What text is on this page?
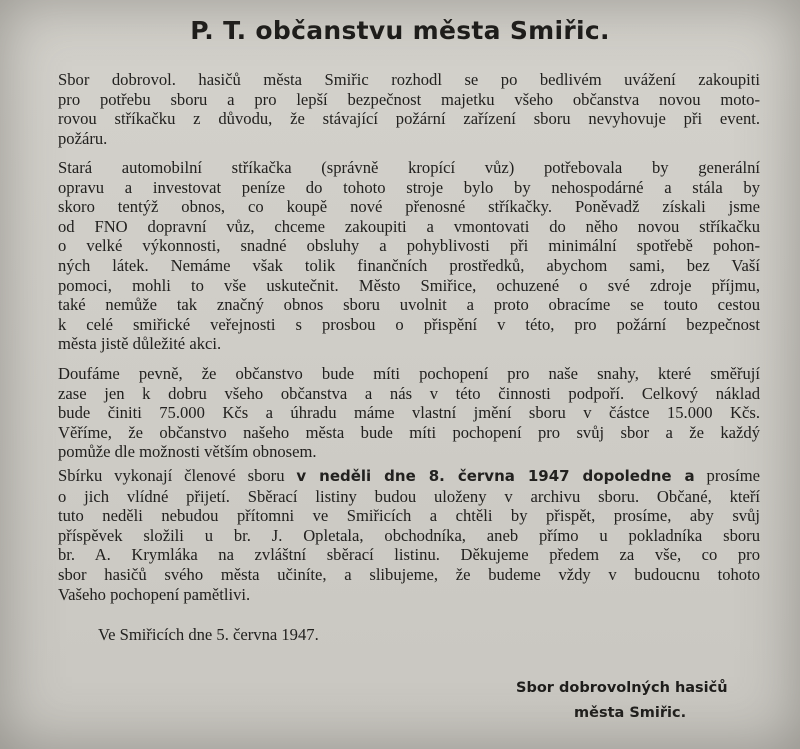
P. T. občanstvu města Smiřic.
Sbor dobrovol. hasičů města Smiřic rozhodl se po bedlivém uvážení zakoupiti
pro potřebu sboru a pro lepší bezpečnost majetku všeho občanstva novou moto-
rovou stříkačku z důvodu, že stávající požární zařízení sboru nevyhovuje při event.
požáru.
Stará automobilní stříkačka (správně kropící vůz) potřebovala by generální
opravu a investovat peníze do tohoto stroje bylo by nehospodárné a stála by
skoro tentýž obnos, co koupě nové přenosné stříkačky. Poněvadž získali jsme
od FNO dopravní vůz, chceme zakoupiti a vmontovati do něho novou stříkačku
o velké výkonnosti, snadné obsluhy a pohyblivosti při minimální spotřebě pohon-
ných látek. Nemáme však tolik finančních prostředků, abychom sami, bez Vaší
pomoci, mohli to vše uskutečnit. Město Smiřice, ochuzené o své zdroje příjmu,
také nemůže tak značný obnos sboru uvolnit a proto obracíme se touto cestou
k celé smiřické veřejnosti s prosbou o přispění v této, pro požární bezpečnost
města jistě důležité akci.
Doufáme pevně, že občanstvo bude míti pochopení pro naše snahy, které směřují
zase jen k dobru všeho občanstva a nás v této činnosti podpoří. Celkový náklad
bude činiti 75.000 Kčs a úhradu máme vlastní jmění sboru v částce 15.000 Kčs.
Věříme, že občanstvo našeho města bude míti pochopení pro svůj sbor a že každý
pomůže dle možnosti větším obnosem.
Sbírku vykonají členové sboru v neděli dne 8. června 1947 dopoledne a prosíme
o jich vlídné přijetí. Sběrací listiny budou uloženy v archivu sboru. Občané, kteří
tuto neděli nebudou přítomni ve Smiřicích a chtěli by přispět, prosíme, aby svůj
příspěvek složili u br. J. Opletala, obchodníka, aneb přímo u pokladníka sboru
br. A. Krymláka na zvláštní sběrací listinu. Děkujeme předem za vše, co pro
sbor hasičů svého města učiníte, a slibujeme, že budeme vždy v budoucnu tohoto
Vašeho pochopení pamětlivi.
Ve Smiřicích dne 5. června 1947.
Sbor dobrovolných hasičů
města Smiřic.
